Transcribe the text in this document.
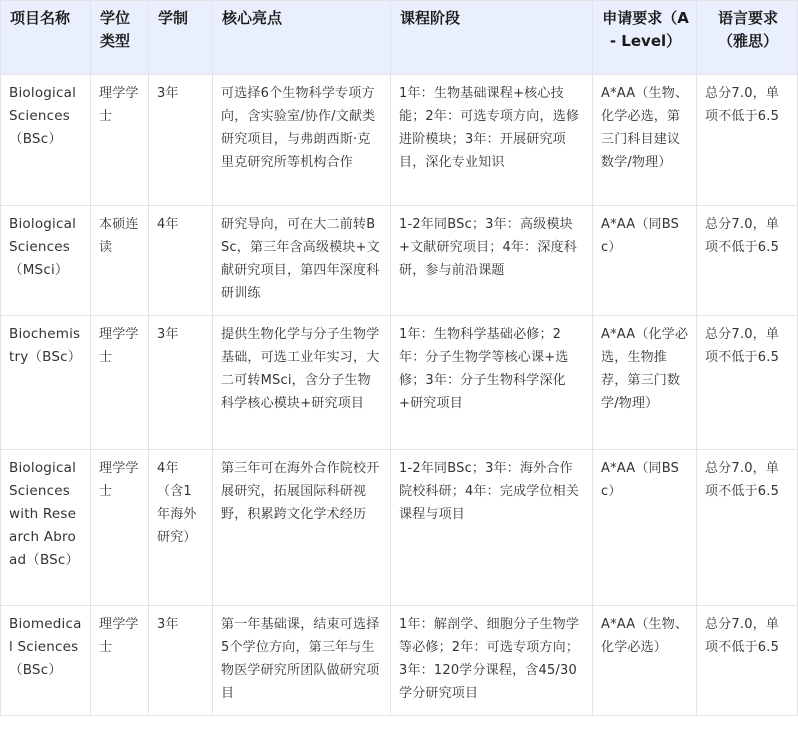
项目名称	学位类型	学制	核心亮点	课程阶段	申请要求（A - Level）	语言要求（雅思）
Biological Sciences（BSc）	理学学士	3年	可选择6个生物科学专项方向，含实验室/协作/文献类研究项目，与弗朗西斯·克里克研究所等机构合作	1年：生物基础课程+核心技能；2年：可选专项方向，选修进阶模块；3年：开展研究项目，深化专业知识	A*AA（生物、化学必选，第三门科目建议数学/物理）	总分7.0，单项不低于6.5
Biological Sciences（MSci）	本硕连读	4年	研究导向，可在大二前转BSc，第三年含高级模块+文献研究项目，第四年深度科研训练	1-2年同BSc；3年：高级模块+文献研究项目；4年：深度科研，参与前沿课题	A*AA（同BSc）	总分7.0，单项不低于6.5
Biochemistry（BSc）	理学学士	3年	提供生物化学与分子生物学基础，可选工业年实习，大二可转MSci，含分子生物科学核心模块+研究项目	1年：生物科学基础必修；2年：分子生物学等核心课+选修；3年：分子生物科学深化+研究项目	A*AA（化学必选，生物推荐，第三门数学/物理）	总分7.0，单项不低于6.5
Biological Sciences with Research Abroad（BSc）	理学学士	4年（含1年海外研究）	第三年可在海外合作院校开展研究，拓展国际科研视野，积累跨文化学术经历	1-2年同BSc；3年：海外合作院校科研；4年：完成学位相关课程与项目	A*AA（同BSc）	总分7.0，单项不低于6.5
Biomedical Sciences（BSc）	理学学士	3年	第一年基础课，结束可选择5个学位方向，第三年与生物医学研究所团队做研究项目	1年：解剖学、细胞分子生物学等必修；2年：可选专项方向；3年：120学分课程，含45/30学分研究项目	A*AA（生物、化学必选）	总分7.0，单项不低于6.5
